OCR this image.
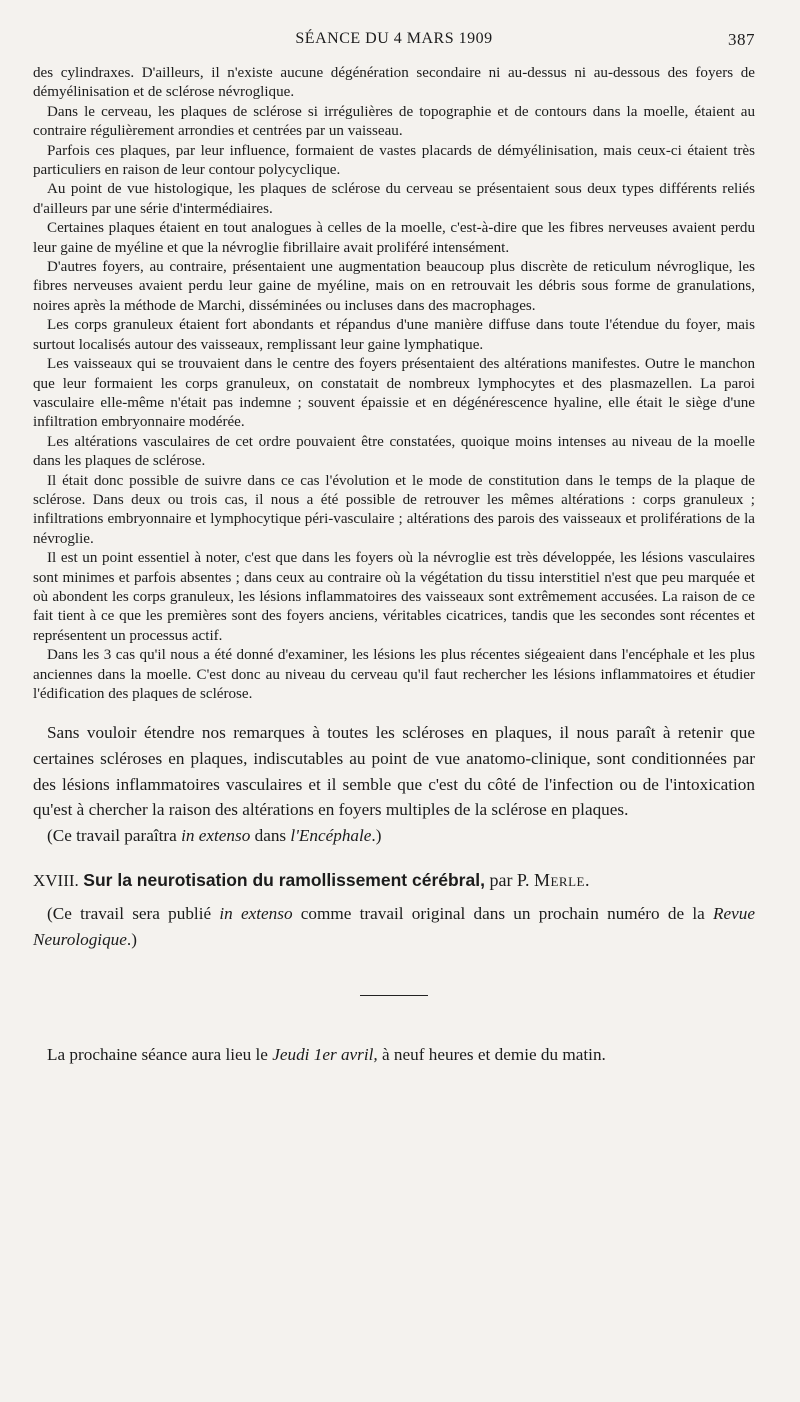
SÉANCE DU 4 MARS 1909	387

des cylindraxes. D'ailleurs, il n'existe aucune dégénération secondaire ni au-dessus ni au-dessous des foyers de démyélinisation et de sclérose névroglique.

Dans le cerveau, les plaques de sclérose si irrégulières de topographie et de contours dans la moelle, étaient au contraire régulièrement arrondies et centrées par un vaisseau.

Parfois ces plaques, par leur influence, formaient de vastes placards de démyélinisation, mais ceux-ci étaient très particuliers en raison de leur contour polycyclique.

Au point de vue histologique, les plaques de sclérose du cerveau se présentaient sous deux types différents reliés d'ailleurs par une série d'intermédiaires.

Certaines plaques étaient en tout analogues à celles de la moelle, c'est-à-dire que les fibres nerveuses avaient perdu leur gaine de myéline et que la névroglie fibrillaire avait proliféré intensément.

D'autres foyers, au contraire, présentaient une augmentation beaucoup plus discrète de reticulum névroglique, les fibres nerveuses avaient perdu leur gaine de myéline, mais on en retrouvait les débris sous forme de granulations, noires après la méthode de Marchi, disséminées ou incluses dans des macrophages.

Les corps granuleux étaient fort abondants et répandus d'une manière diffuse dans toute l'étendue du foyer, mais surtout localisés autour des vaisseaux, remplissant leur gaine lymphatique.

Les vaisseaux qui se trouvaient dans le centre des foyers présentaient des altérations manifestes. Outre le manchon que leur formaient les corps granuleux, on constatait de nombreux lymphocytes et des plasmazellen. La paroi vasculaire elle-même n'était pas indemne ; souvent épaissie et en dégénérescence hyaline, elle était le siège d'une infiltration embryonnaire modérée.

Les altérations vasculaires de cet ordre pouvaient être constatées, quoique moins intenses au niveau de la moelle dans les plaques de sclérose.

Il était donc possible de suivre dans ce cas l'évolution et le mode de constitution dans le temps de la plaque de sclérose. Dans deux ou trois cas, il nous a été possible de retrouver les mêmes altérations : corps granuleux ; infiltrations embryonnaire et lymphocytique péri-vasculaire ; altérations des parois des vaisseaux et proliférations de la névroglie.

Il est un point essentiel à noter, c'est que dans les foyers où la névroglie est très développée, les lésions vasculaires sont minimes et parfois absentes ; dans ceux au contraire où la végétation du tissu interstitiel n'est que peu marquée et où abondent les corps granuleux, les lésions inflammatoires des vaisseaux sont extrêmement accusées. La raison de ce fait tient à ce que les premières sont des foyers anciens, véritables cicatrices, tandis que les secondes sont récentes et représentent un processus actif.

Dans les 3 cas qu'il nous a été donné d'examiner, les lésions les plus récentes siégeaient dans l'encéphale et les plus anciennes dans la moelle. C'est donc au niveau du cerveau qu'il faut rechercher les lésions inflammatoires et étudier l'édification des plaques de sclérose.

Sans vouloir étendre nos remarques à toutes les scléroses en plaques, il nous paraît à retenir que certaines scléroses en plaques, indiscutables au point de vue anatomo-clinique, sont conditionnées par des lésions inflammatoires vasculaires et il semble que c'est du côté de l'infection ou de l'intoxication qu'est à chercher la raison des altérations en foyers multiples de la sclérose en plaques.

(Ce travail paraîtra in extenso dans l'Encéphale.)

XVIII. Sur la neurotisation du ramollissement cérébral, par P. Merle.

(Ce travail sera publié in extenso comme travail original dans un prochain numéro de la Revue Neurologique.)

La prochaine séance aura lieu le Jeudi 1er avril, à neuf heures et demie du matin.
